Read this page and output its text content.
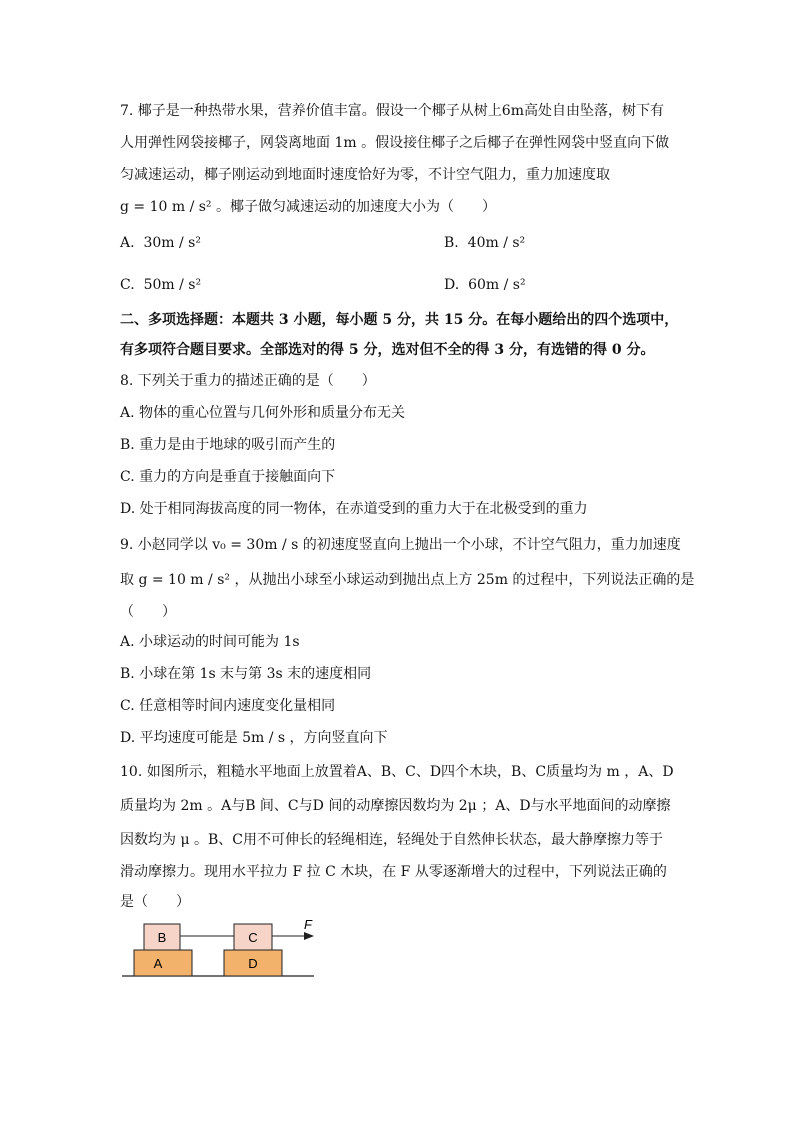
7. 椰子是一种热带水果，营养价值丰富。假设一个椰子从树上6m高处自由坠落，树下有
人用弹性网袋接椰子，网袋离地面 1m 。假设接住椰子之后椰子在弹性网袋中竖直向下做
匀减速运动，椰子刚运动到地面时速度恰好为零，不计空气阻力，重力加速度取
g = 10 m / s² 。椰子做匀减速运动的加速度大小为（　　）
A. 30m / s²	B. 40m / s²
C. 50m / s²	D. 60m / s²
二、多项选择题：本题共 3 小题，每小题 5 分，共 15 分。在每小题给出的四个选项中，
有多项符合题目要求。全部选对的得 5 分，选对但不全的得 3 分，有选错的得 0 分。
8. 下列关于重力的描述正确的是（　　）
A. 物体的重心位置与几何外形和质量分布无关
B. 重力是由于地球的吸引而产生的
C. 重力的方向是垂直于接触面向下
D. 处于相同海拔高度的同一物体，在赤道受到的重力大于在北极受到的重力
9. 小赵同学以 v₀ = 30m / s 的初速度竖直向上抛出一个小球，不计空气阻力，重力加速度
取 g = 10 m / s² ，从抛出小球至小球运动到抛出点上方 25m 的过程中，下列说法正确的是
（　　）
A. 小球运动的时间可能为 1s
B. 小球在第 1s 末与第 3s 末的速度相同
C. 任意相等时间内速度变化量相同
D. 平均速度可能是 5m / s ，方向竖直向下
10. 如图所示，粗糙水平地面上放置着A、B、C、D四个木块，B、C质量均为 m ，A、D
质量均为 2m 。A与B 间、C与D 间的动摩擦因数均为 2μ ；A、D与水平地面间的动摩擦
因数均为 μ 。B、C用不可伸长的轻绳相连，轻绳处于自然伸长状态，最大静摩擦力等于
滑动摩擦力。现用水平拉力 F 拉 C 木块，在 F 从零逐渐增大的过程中，下列说法正确的
是（　　）
A
B	C
D
F
